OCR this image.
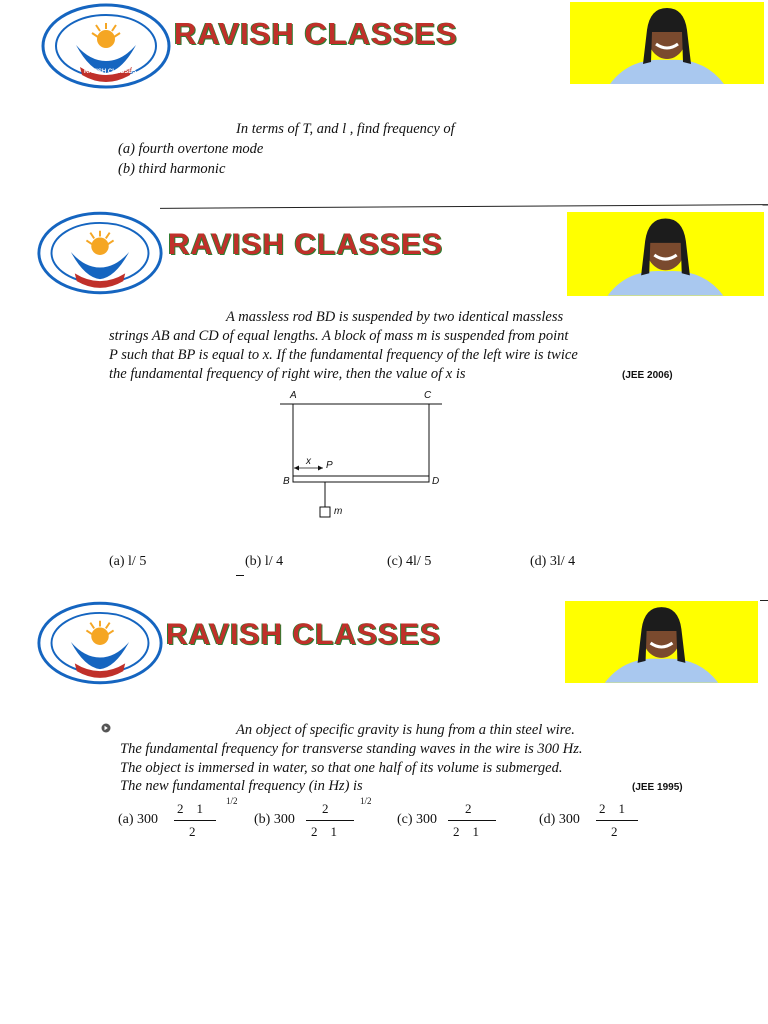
RAVISH CLASSES
RAVISH CLASSES
In terms of T, and l , find frequency of
(a) fourth overtone mode
(b) third harmonic
RAVISH CLASSES
A massless rod BD is suspended by two identical massless
strings AB and CD of equal lengths. A block of mass m is suspended from point
P such that BP is equal to x. If the fundamental frequency of the left wire is twice
the fundamental frequency of right wire, then the value of x is	(JEE 2006)
A	C
B	D
x P
m
(a) l/ 5	(b) l/ 4	(c) 4l/ 5	(d) 3l/ 4
RAVISH CLASSES
An object of specific gravity is hung from a thin steel wire.
The fundamental frequency for transverse standing waves in the wire is 300 Hz.
The object is immersed in water, so that one half of its volume is submerged.
The new fundamental frequency (in Hz) is	(JEE 1995)
(a) 300
2    1
2
1/2
(b) 300
2
2    1
1/2
(c) 300
2
2    1
(d) 300
2    1
2
